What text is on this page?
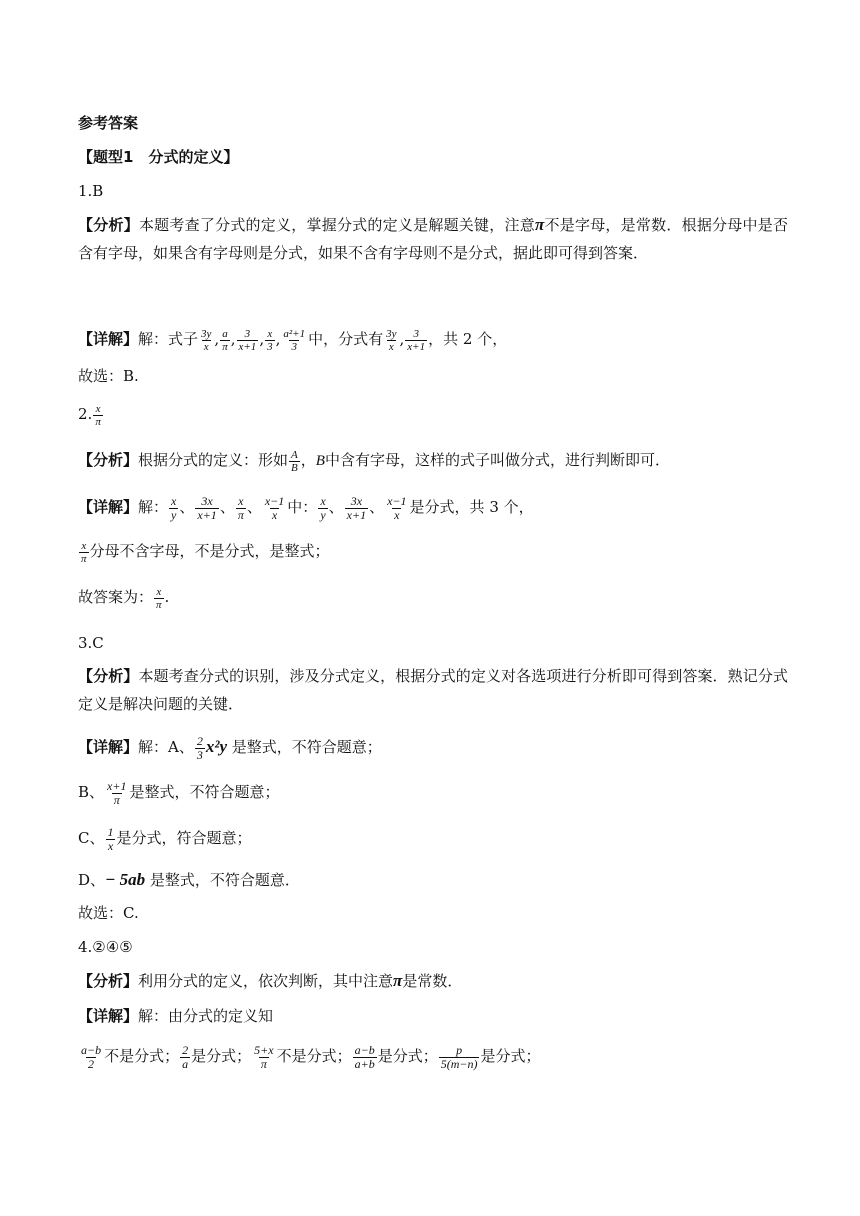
参考答案
【题型1　分式的定义】
1.B
【分析】本题考查了分式的定义，掌握分式的定义是解题关键，注意π不是字母，是常数．根据分母中是否含有字母，如果含有字母则是分式，如果不含有字母则不是分式，据此即可得到答案．
【详解】解：式子 $\frac{3y}{x}$ , $\frac{a}{\pi}$ , $\frac{3}{x+1}$ , $\frac{x}{3}$ , $\frac{\text{a²+1}}{3}$ 中，分式有 $\frac{3y}{x}$ , $\frac{3}{x+1}$ ，共 2 个，
故选：B.
2. $\frac{x}{\pi}$
【分析】根据分式的定义：形如 $\frac{A}{B}$ ，B中含有字母，这样的式子叫做分式，进行判断即可．
【详解】解： $\frac{x}{y}$ 、 $\frac{3x}{x+1}$ 、 $\frac{x}{\pi}$ 、 $\frac{x-1}{x}$ 中： $\frac{x}{y}$ 、 $\frac{3x}{x+1}$ 、 $\frac{x-1}{x}$ 是分式，共 3 个，
$\frac{x}{\pi}$ 分母不含字母，不是分式，是整式；
故答案为： $\frac{x}{\pi}$ .
3.C
【分析】本题考查分式的识别，涉及分式定义，根据分式的定义对各选项进行分析即可得到答案．熟记分式定义是解决问题的关键．
【详解】解：A、 $\frac{2}{3} x^2y$ 是整式，不符合题意；
B、 $\frac{x+1}{\pi}$ 是整式，不符合题意；
C、 $\frac{1}{x}$ 是分式，符合题意；
D、− 5ab 是整式，不符合题意．
故选：C.
4.②④⑤
【分析】利用分式的定义，依次判断，其中注意π是常数．
【详解】解：由分式的定义知
$\frac{a-b}{2}$ 不是分式； $\frac{2}{a}$ 是分式； $\frac{5+x}{\pi}$ 不是分式； $\frac{a-b}{a+b}$ 是分式； $\frac{p}{5(m-n)}$ 是分式；
